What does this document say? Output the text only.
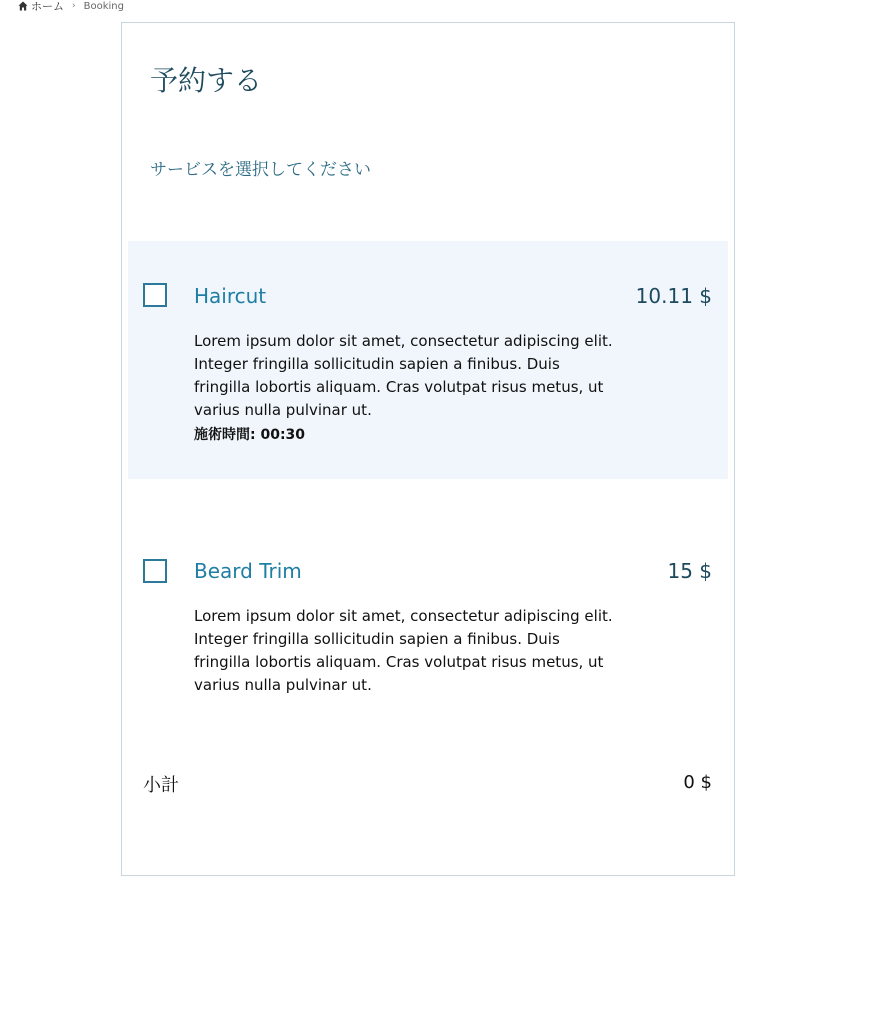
ホーム › Booking
予約する

サービスを選択してください

Haircut	10.11 $

Lorem ipsum dolor sit amet, consectetur adipiscing elit. Integer fringilla sollicitudin sapien a finibus. Duis fringilla lobortis aliquam. Cras volutpat risus metus, ut varius nulla pulvinar ut.

施術時間: 00:30
Beard Trim	15 $

Lorem ipsum dolor sit amet, consectetur adipiscing elit. Integer fringilla sollicitudin sapien a finibus. Duis fringilla lobortis aliquam. Cras volutpat risus metus, ut varius nulla pulvinar ut.

小計	0 $
